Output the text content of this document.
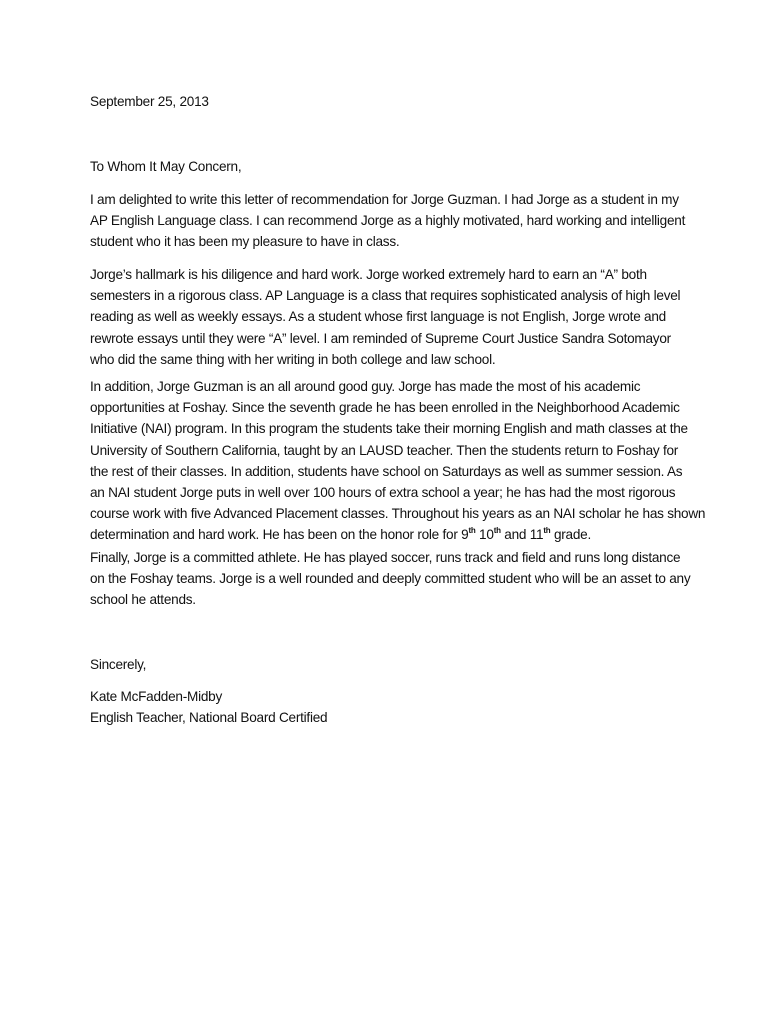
September 25, 2013
To Whom It May Concern,
I am delighted to write this letter of recommendation for Jorge Guzman. I had Jorge as a student in my
AP English Language class. I can recommend Jorge as a highly motivated, hard working and intelligent
student who it has been my pleasure to have in class.
Jorge’s hallmark is his diligence and hard work. Jorge worked extremely hard to earn an “A” both
semesters in a rigorous class. AP Language is a class that requires sophisticated analysis of high level
reading as well as weekly essays. As a student whose first language is not English, Jorge wrote and
rewrote essays until they were “A” level. I am reminded of Supreme Court Justice Sandra Sotomayor
who did the same thing with her writing in both college and law school.
In addition, Jorge Guzman is an all around good guy. Jorge has made the most of his academic
opportunities at Foshay. Since the seventh grade he has been enrolled in the Neighborhood Academic
Initiative (NAI) program. In this program the students take their morning English and math classes at the
University of Southern California, taught by an LAUSD teacher. Then the students return to Foshay for
the rest of their classes. In addition, students have school on Saturdays as well as summer session. As
an NAI student Jorge puts in well over 100 hours of extra school a year; he has had the most rigorous
course work with five Advanced Placement classes. Throughout his years as an NAI scholar he has shown
determination and hard work. He has been on the honor role for 9th 10th and 11th grade.
Finally, Jorge is a committed athlete. He has played soccer, runs track and field and runs long distance
on the Foshay teams. Jorge is a well rounded and deeply committed student who will be an asset to any
school he attends.
Sincerely,
Kate McFadden-Midby
English Teacher, National Board Certified
